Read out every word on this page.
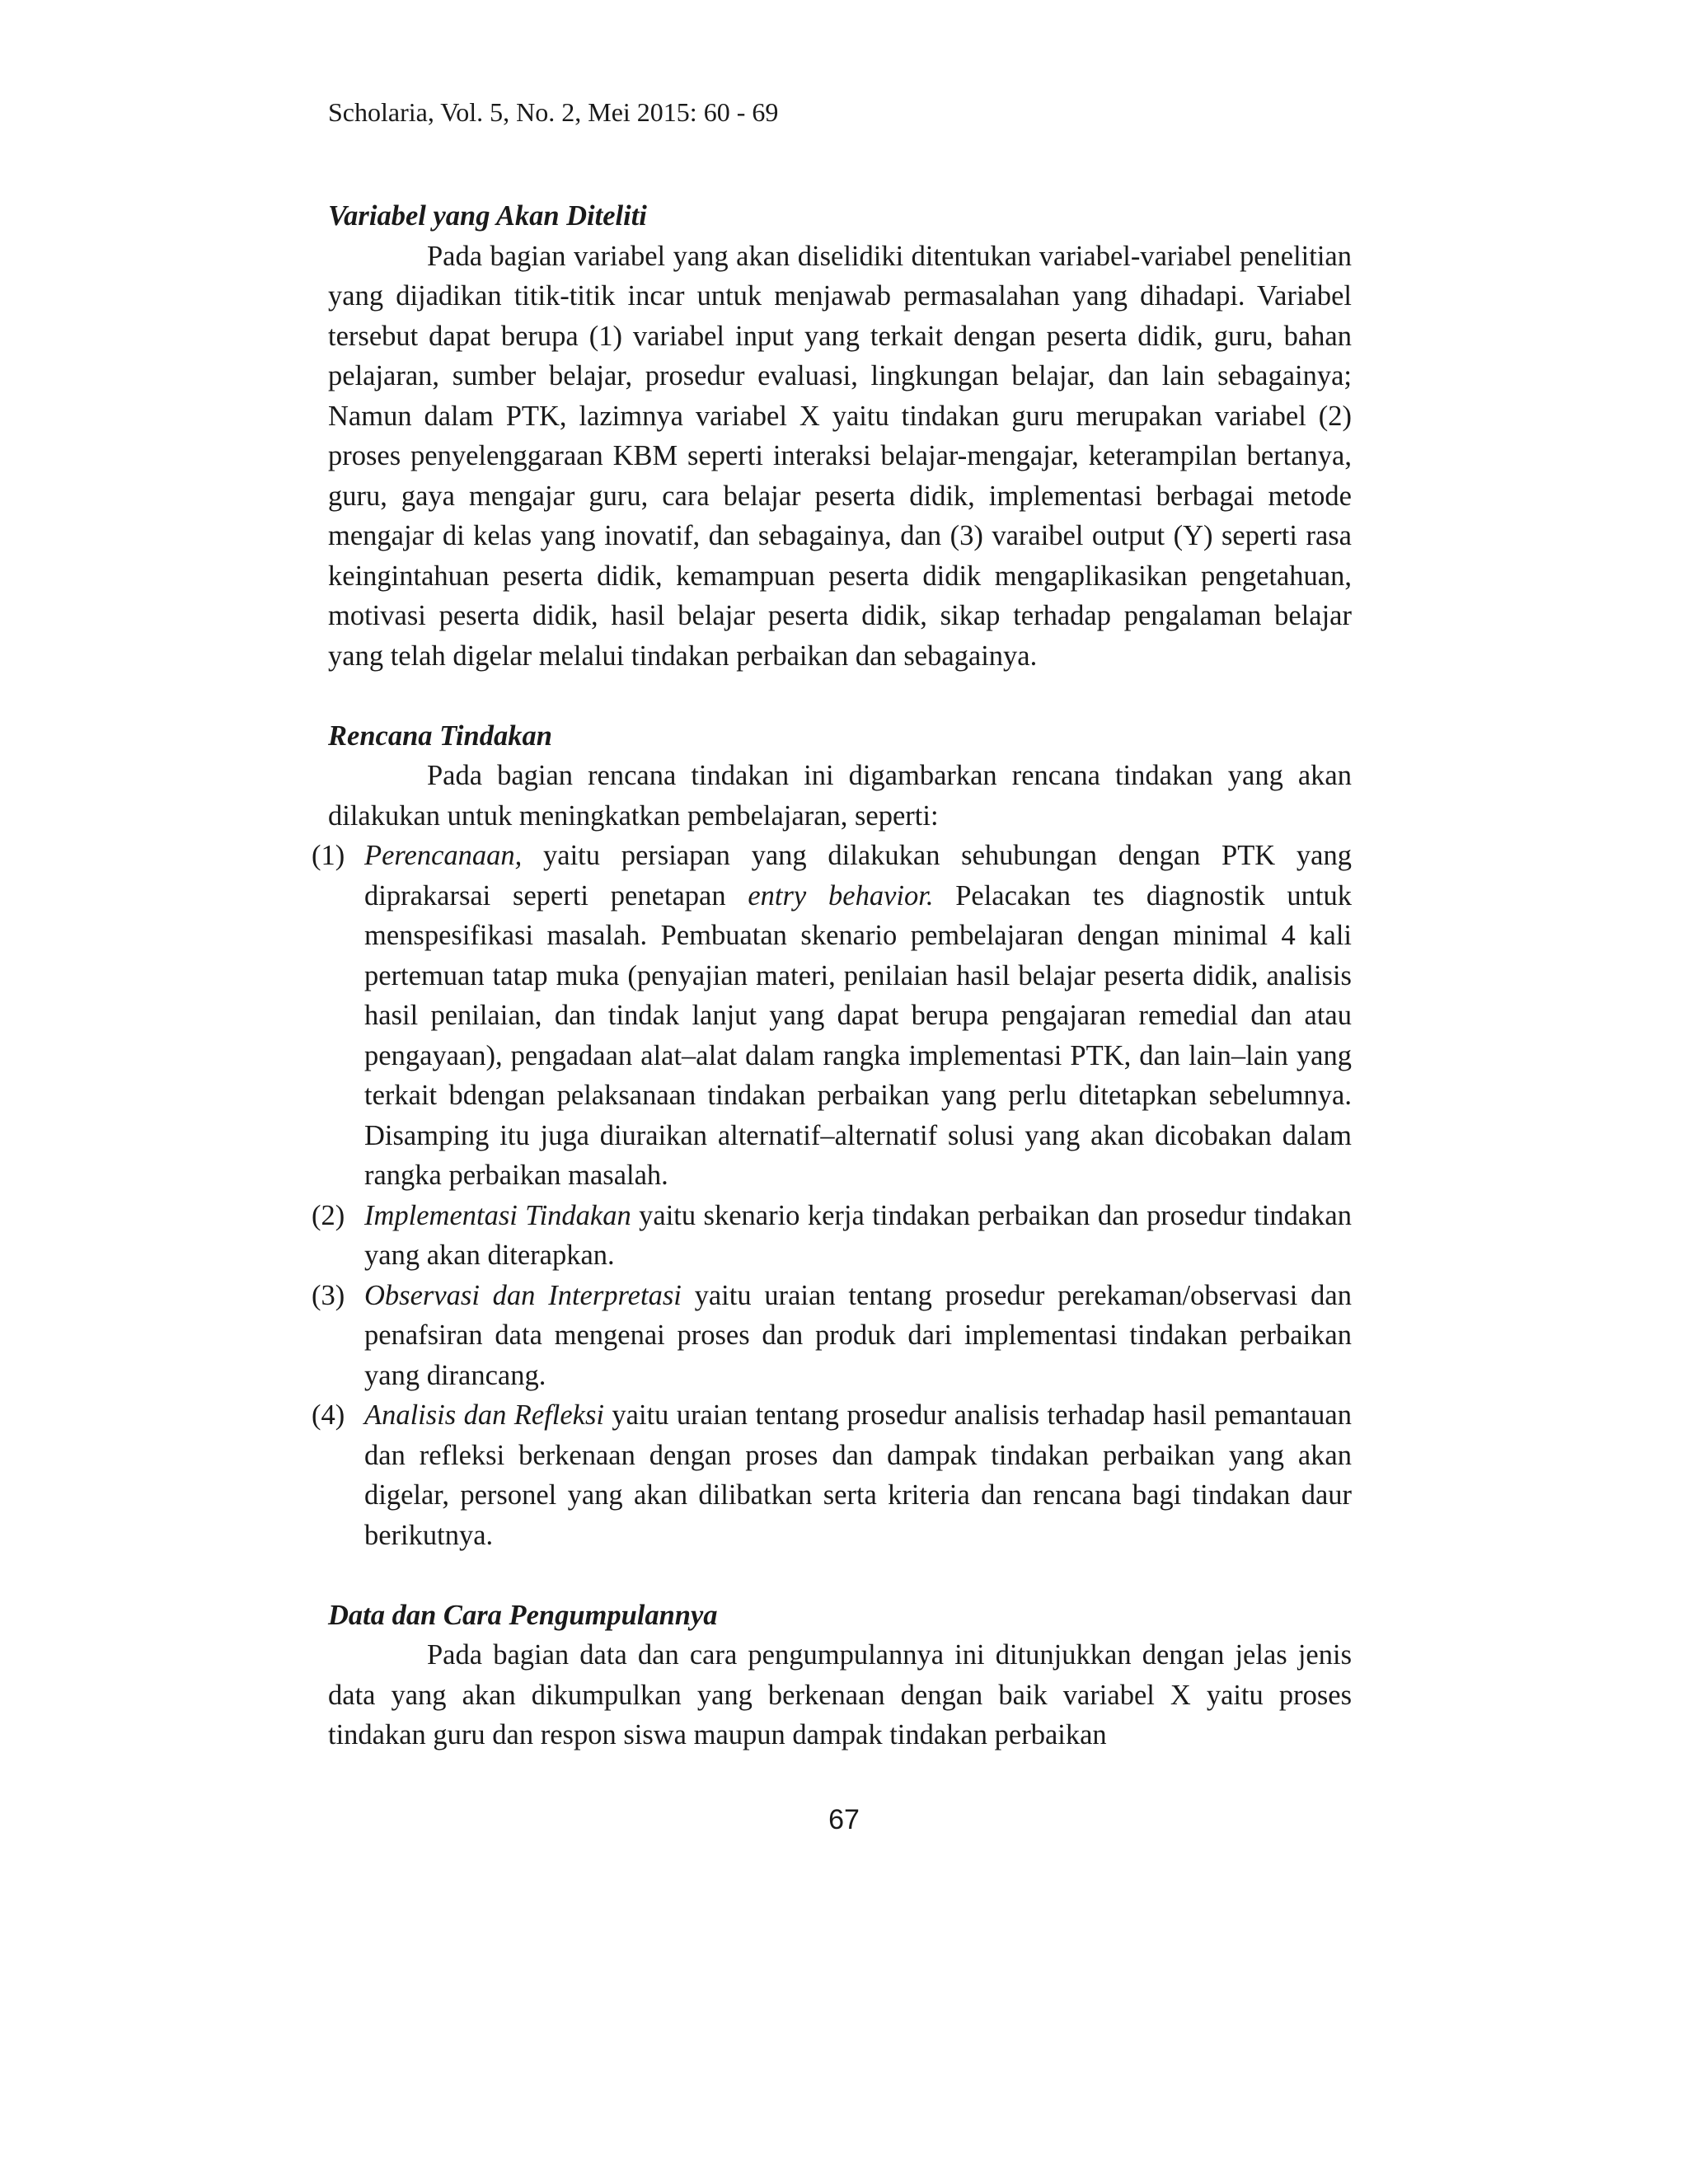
Scholaria, Vol. 5, No. 2, Mei 2015: 60 - 69
Variabel yang Akan Diteliti

Pada bagian variabel yang akan diselidiki ditentukan variabel-variabel penelitian yang dijadikan titik-titik incar untuk menjawab permasalahan yang dihadapi. Variabel tersebut dapat berupa (1) variabel input yang terkait dengan peserta didik, guru, bahan pelajaran, sumber belajar, prosedur evaluasi, lingkungan belajar, dan lain sebagainya; Namun dalam PTK, lazimnya variabel X yaitu tindakan guru merupakan variabel (2) proses penyelenggaraan KBM seperti interaksi belajar-mengajar, keterampilan bertanya, guru, gaya mengajar guru, cara belajar peserta didik, implementasi berbagai metode mengajar di kelas yang inovatif, dan sebagainya, dan (3) varaibel output (Y) seperti rasa keingintahuan peserta didik, kemampuan peserta didik mengaplikasikan pengetahuan, motivasi peserta didik, hasil belajar peserta didik, sikap terhadap pengalaman belajar yang telah digelar melalui tindakan perbaikan dan sebagainya.

Rencana Tindakan

Pada bagian rencana tindakan ini digambarkan rencana tindakan yang akan dilakukan untuk meningkatkan pembelajaran, seperti:

(1) Perencanaan, yaitu persiapan yang dilakukan sehubungan dengan PTK yang diprakarsai seperti penetapan entry behavior. Pelacakan tes diagnostik untuk menspesifikasi masalah. Pembuatan skenario pembelajaran dengan minimal 4 kali pertemuan tatap muka (penyajian materi, penilaian hasil belajar peserta didik, analisis hasil penilaian, dan tindak lanjut yang dapat berupa pengajaran remedial dan atau pengayaan), pengadaan alat–alat dalam rangka implementasi PTK, dan lain–lain yang terkait bdengan pelaksanaan tindakan perbaikan yang perlu ditetapkan sebelumnya. Disamping itu juga diuraikan alternatif–alternatif solusi yang akan dicobakan dalam rangka perbaikan masalah.
(2) Implementasi Tindakan yaitu skenario kerja tindakan perbaikan dan prosedur tindakan yang akan diterapkan.
(3) Observasi dan Interpretasi yaitu uraian tentang prosedur perekaman/observasi dan penafsiran data mengenai proses dan produk dari implementasi tindakan perbaikan yang dirancang.
(4) Analisis dan Refleksi yaitu uraian tentang prosedur analisis terhadap hasil pemantauan dan refleksi berkenaan dengan proses dan dampak tindakan perbaikan yang akan digelar, personel yang akan dilibatkan serta kriteria dan rencana bagi tindakan daur berikutnya.
Data dan Cara Pengumpulannya

Pada bagian data dan cara pengumpulannya ini ditunjukkan dengan jelas jenis data yang akan dikumpulkan yang berkenaan dengan baik variabel X yaitu proses tindakan guru dan respon siswa maupun dampak tindakan perbaikan

67
